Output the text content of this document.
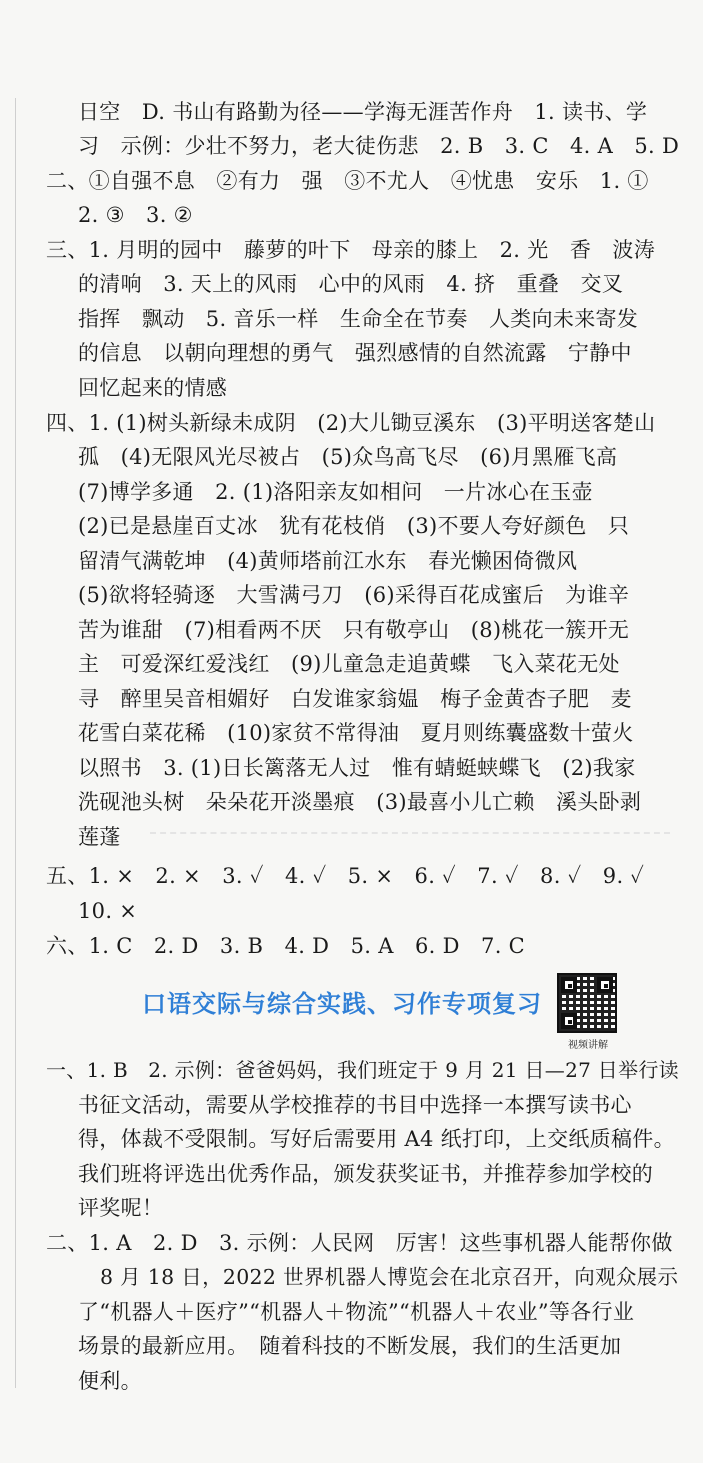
日空　D. 书山有路勤为径——学海无涯苦作舟　1. 读书、学
习　示例：少壮不努力，老大徒伤悲　2. B　3. C　4. A　5. D
二、①自强不息　②有力　强　③不尤人　④忧患　安乐　1. ①
2. ③　3. ②
三、1. 月明的园中　藤萝的叶下　母亲的膝上　2. 光　香　波涛
的清响　3. 天上的风雨　心中的风雨　4. 挤　重叠　交叉
指挥　飘动　5. 音乐一样　生命全在节奏　人类向未来寄发
的信息　以朝向理想的勇气　强烈感情的自然流露　宁静中
回忆起来的情感
四、1. (1)树头新绿未成阴　(2)大儿锄豆溪东　(3)平明送客楚山
孤　(4)无限风光尽被占　(5)众鸟高飞尽　(6)月黑雁飞高
(7)博学多通　2. (1)洛阳亲友如相问　一片冰心在玉壶
(2)已是悬崖百丈冰　犹有花枝俏　(3)不要人夸好颜色　只
留清气满乾坤　(4)黄师塔前江水东　春光懒困倚微风
(5)欲将轻骑逐　大雪满弓刀　(6)采得百花成蜜后　为谁辛
苦为谁甜　(7)相看两不厌　只有敬亭山　(8)桃花一簇开无
主　可爱深红爱浅红　(9)儿童急走追黄蝶　飞入菜花无处
寻　醉里吴音相媚好　白发谁家翁媪　梅子金黄杏子肥　麦
花雪白菜花稀　(10)家贫不常得油　夏月则练囊盛数十萤火
以照书　3. (1)日长篱落无人过　惟有蜻蜓蛱蝶飞　(2)我家
洗砚池头树　朵朵花开淡墨痕　(3)最喜小儿亡赖　溪头卧剥
莲蓬
五、1. ×　2. ×　3. ✓　4. ✓　5. ×　6. ✓　7. ✓　8. ✓　9. ✓
10. ×
六、1. C　2. D　3. B　4. D　5. A　6. D　7. C
口语交际与综合实践、习作专项复习
视频讲解
一、1. B　2. 示例：爸爸妈妈，我们班定于 9 月 21 日—27 日举行读
书征文活动，需要从学校推荐的书目中选择一本撰写读书心
得，体裁不受限制。写好后需要用 A4 纸打印，上交纸质稿件。
我们班将评选出优秀作品，颁发获奖证书，并推荐参加学校的
评奖呢！
二、1. A　2. D　3. 示例：人民网　厉害！这些事机器人能帮你做
8 月 18 日，2022 世界机器人博览会在北京召开，向观众展示
了“机器人＋医疗”“机器人＋物流”“机器人＋农业”等各行业
场景的最新应用。　随着科技的不断发展，我们的生活更加
便利。
